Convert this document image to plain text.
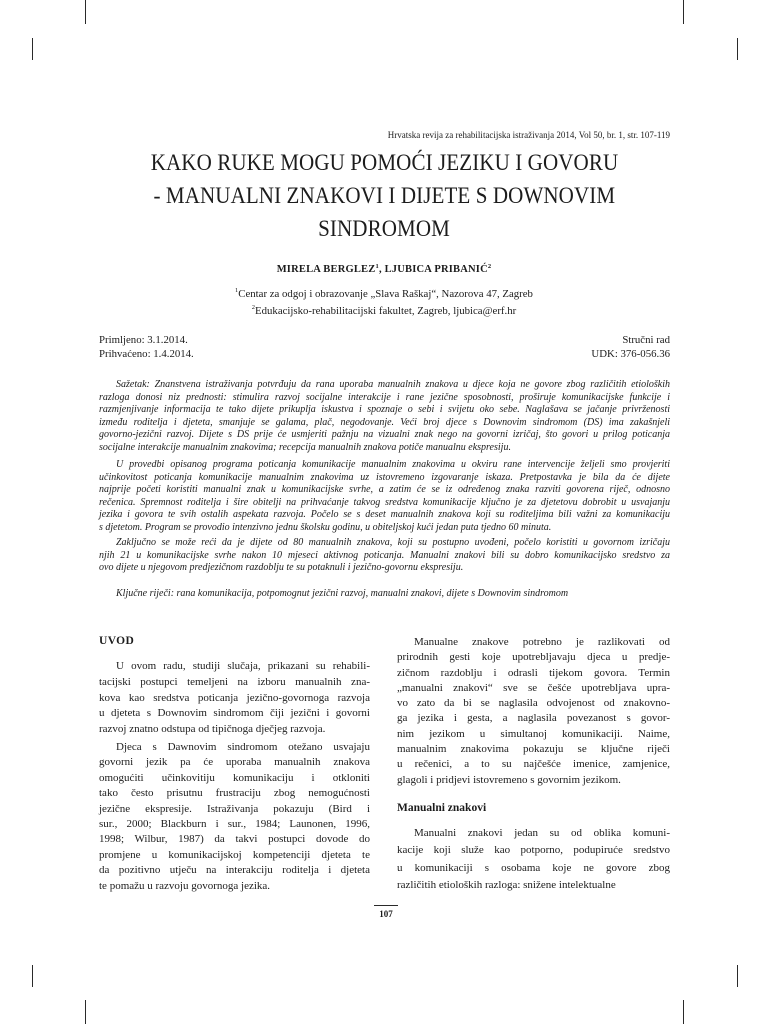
Hrvatska revija za rehabilitacijska istraživanja 2014, Vol 50, br. 1, str. 107-119
KAKO RUKE MOGU POMOĆI JEZIKU I GOVORU
- MANUALNI ZNAKOVI I DIJETE S DOWNOVIM
SINDROMOM
MIRELA BERGLEZ$^1$, LJUBICA PRIBANIĆ$^2$
$^1$Centar za odgoj i obrazovanje „Slava Raškaj“, Nazorova 47, Zagreb
$^2$Edukacijsko-rehabilitacijski fakultet, Zagreb, ljubica@erf.hr
Primljeno: 3.1.2014.
Prihvaćeno: 1.4.2014.
Stručni rad
UDK: 376-056.36
Sažetak: Znanstvena istraživanja potvrđuju da rana uporaba manualnih znakova u djece koja ne govore zbog različitih etioloških
razloga donosi niz prednosti: stimulira razvoj socijalne interakcije i rane jezične sposobnosti, proširuje komunikacijske funkcije i
razmjenjivanje informacija te tako dijete prikuplja iskustva i spoznaje o sebi i svijetu oko sebe. Naglašava se jačanje privrženosti
između roditelja i djeteta, smanjuje se galama, plač, negodovanje. Veći broj djece s Downovim sindromom (DS) ima zakašnjeli
govorno-jezični razvoj. Dijete s DS prije će usmjeriti pažnju na vizualni znak nego na govorni izričaj, što govori u prilog poticanja
socijalne interakcije manualnim znakovima; recepcija manualnih znakova potiče manualnu ekspresiju.
U provedbi opisanog programa poticanja komunikacije manualnim znakovima u okviru rane intervencije željeli smo provjeriti
učinkovitost poticanja komunikacije manualnim znakovima uz istovremeno izgovaranje iskaza. Pretpostavka je bila da će dijete
najprije početi koristiti manualni znak u komunikacijske svrhe, a zatim će se iz određenog znaka razviti govorena riječ, odnosno
rečenica. Spremnost roditelja i šire obitelji na prihvaćanje takvog sredstva komunikacije ključno je za djetetovu dobrobit u usvajanju
jezika i govora te svih ostalih aspekata razvoja. Počelo se s deset manualnih znakova koji su roditeljima bili važni za komunikaciju
s djetetom. Program se provodio intenzivno jednu školsku godinu, u obiteljskoj kući jedan puta tjedno 60 minuta.
Zaključno se može reći da je dijete od 80 manualnih znakova, koji su postupno uvođeni, počelo koristiti u govornom izričaju
njih 21 u komunikacijske svrhe nakon 10 mjeseci aktivnog poticanja. Manualni znakovi bili su dobro komunikacijsko sredstvo za
ovo dijete u njegovom predjezičnom razdoblju te su potaknuli i jezično-govornu ekspresiju.
Ključne riječi: rana komunikacija, potpomognut jezični razvoj, manualni znakovi, dijete s Downovim sindromom
UVOD
U ovom radu, studiji slučaja, prikazani su rehabili-
tacijski postupci temeljeni na izboru manualnih zna-
kova kao sredstva poticanja jezično-govornoga razvoja
u djeteta s Downovim sindromom čiji jezični i govorni
razvoj znatno odstupa od tipičnoga dječjeg razvoja.
Djeca s Dawnovim sindromom otežano usvajaju
govorni jezik pa će uporaba manualnih znakova
omogućiti učinkovitiju komunikaciju i otkloniti
tako često prisutnu frustraciju zbog nemogućnosti
jezične ekspresije. Istraživanja pokazuju (Bird i
sur., 2000; Blackburn i sur., 1984; Launonen, 1996,
1998; Wilbur, 1987) da takvi postupci dovode do
promjene u komunikacijskoj kompetenciji djeteta te
da pozitivno utječu na interakciju roditelja i djeteta
te pomažu u razvoju govornoga jezika.
Manualne znakove potrebno je razlikovati od
prirodnih gesti koje upotrebljavaju djeca u predje-
zičnom razdoblju i odrasli tijekom govora. Termin
„manualni znakovi“ sve se češće upotrebljava upra-
vo zato da bi se naglasila odvojenost od znakovno-
ga jezika i gesta, a naglasila povezanost s govor-
nim jezikom u simultanoj komunikaciji. Naime,
manualnim znakovima pokazuju se ključne riječi
u rečenici, a to su najčešće imenice, zamjenice,
glagoli i pridjevi istovremeno s govornim jezikom.
Manualni znakovi
Manualni znakovi jedan su od oblika komuni-
kacije koji služe kao potporno, podupiruće sredstvo
u komunikaciji s osobama koje ne govore zbog
različitih etioloških razloga: snižene intelektualne
107
